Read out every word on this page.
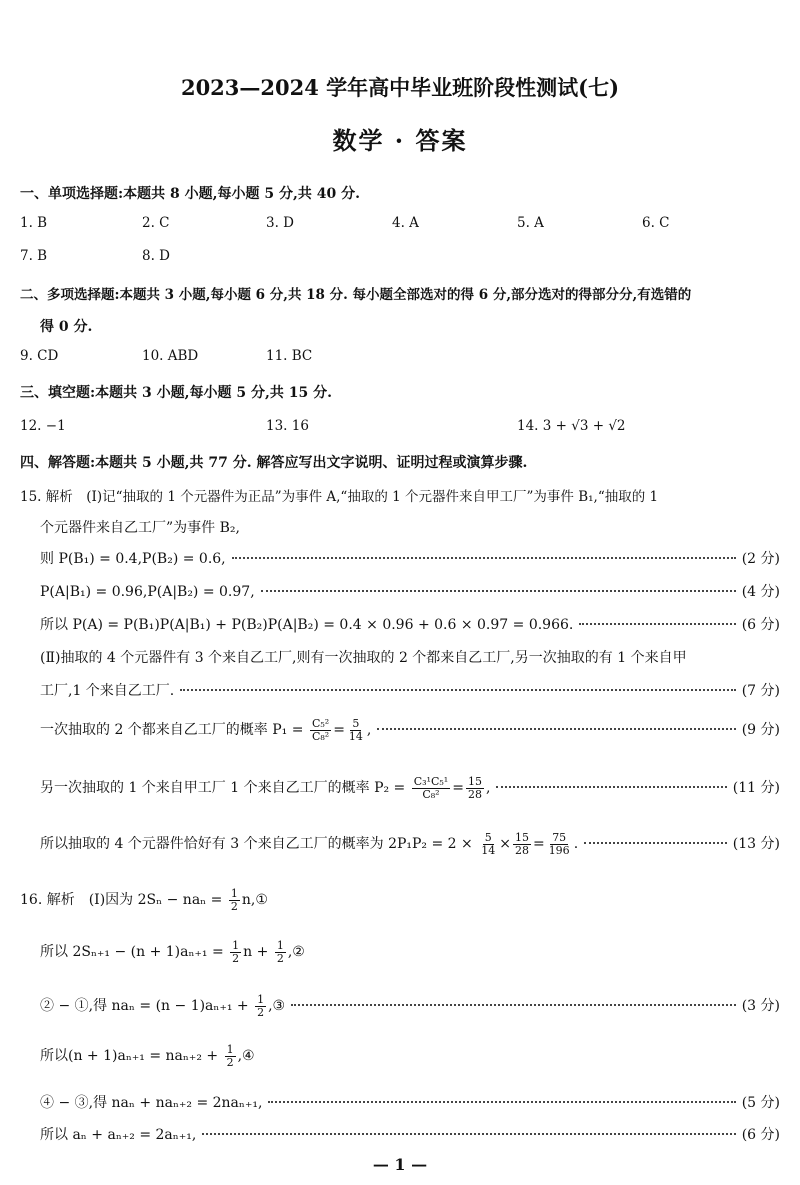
2023—2024 学年高中毕业班阶段性测试(七)
数学 · 答案
一、单项选择题:本题共 8 小题,每小题 5 分,共 40 分.
1. B	2. C	3. D	4. A	5. A	6. C
7. B	8. D
二、多项选择题:本题共 3 小题,每小题 6 分,共 18 分. 每小题全部选对的得 6 分,部分选对的得部分分,有选错的
得 0 分.
9. CD	10. ABD	11. BC
三、填空题:本题共 3 小题,每小题 5 分,共 15 分.
12. −1	13. 16	14. 3 + √3 + √2
四、解答题:本题共 5 小题,共 77 分. 解答应写出文字说明、证明过程或演算步骤.
15. 解析　(Ⅰ)记“抽取的 1 个元器件为正品”为事件 A,“抽取的 1 个元器件来自甲工厂”为事件 B₁,“抽取的 1
个元器件来自乙工厂”为事件 B₂,
则 P(B₁) = 0.4,P(B₂) = 0.6,	(2 分)
P(A|B₁) = 0.96,P(A|B₂) = 0.97,	(4 分)
所以 P(A) = P(B₁)P(A|B₁) + P(B₂)P(A|B₂) = 0.4 × 0.96 + 0.6 × 0.97 = 0.966.	(6 分)
(Ⅱ)抽取的 4 个元器件有 3 个来自乙工厂,则有一次抽取的 2 个都来自乙工厂,另一次抽取的有 1 个来自甲
工厂,1 个来自乙工厂.	(7 分)
一次抽取的 2 个都来自乙工厂的概率 $P_1 = \frac{\text{C₅²}}{\text{C₈²}} = \frac{5}{14}$ ,	(9 分)
另一次抽取的 1 个来自甲工厂 1 个来自乙工厂的概率 $P_2 = \frac{\text{C₃¹C₅¹}}{\text{C₈²}} = \frac{15}{28}$ ,	(11 分)
所以抽取的 4 个元器件恰好有 3 个来自乙工厂的概率为 $2P_1P_2 = 2 \times \frac{5}{14} \times \frac{15}{28} = \frac{75}{196}$ .	(13 分)
16. 解析　(Ⅰ)因为 $2S_n - na_n = \frac{1}{2}$ n,①
所以 $2S_{n+1} - (n + 1)a_{n+1} = \frac{1}{2}$ $n + \frac{1}{2}$ ,②
② − ①,得 $na_n = (n - 1)a_{n+1} + \frac{1}{2}$ ,③	(3 分)
所以$(n + 1)a_{n+1} = na_{n+2} + \frac{1}{2}$ ,④
④ − ③,得 naₙ + naₙ₊₂ = 2naₙ₊₁,	(5 分)
所以 aₙ + aₙ₊₂ = 2aₙ₊₁,	(6 分)
— 1 —
